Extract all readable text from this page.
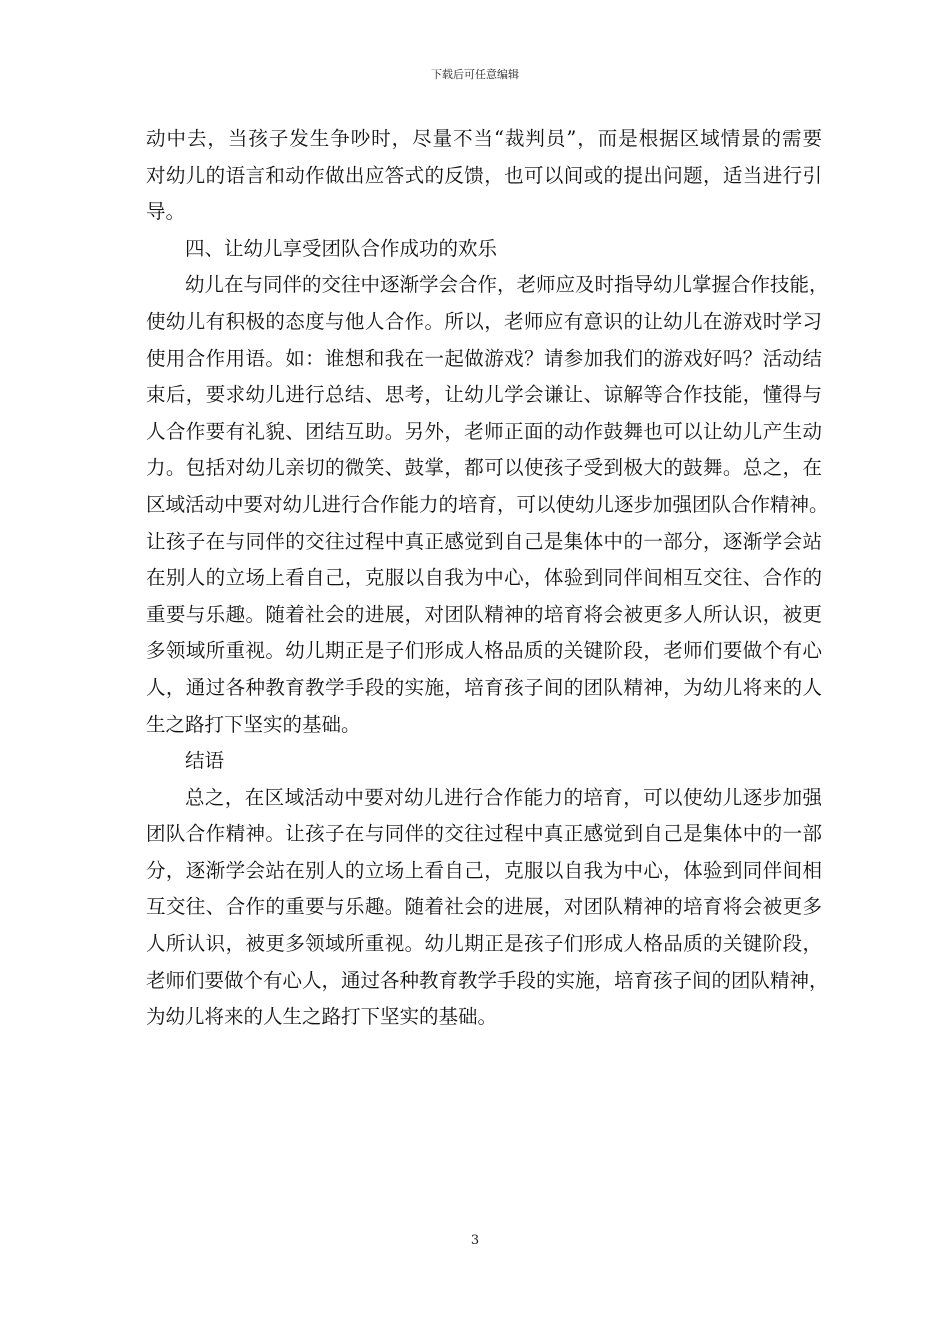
下载后可任意编辑
动中去，当孩子发生争吵时，尽量不当“裁判员”，而是根据区域情景的需要
对幼儿的语言和动作做出应答式的反馈，也可以间或的提出问题，适当进行引
导。
四、让幼儿享受团队合作成功的欢乐
幼儿在与同伴的交往中逐渐学会合作，老师应及时指导幼儿掌握合作技能，
使幼儿有积极的态度与他人合作。所以，老师应有意识的让幼儿在游戏时学习
使用合作用语。如：谁想和我在一起做游戏？请参加我们的游戏好吗？活动结
束后，要求幼儿进行总结、思考，让幼儿学会谦让、谅解等合作技能，懂得与
人合作要有礼貌、团结互助。另外，老师正面的动作鼓舞也可以让幼儿产生动
力。包括对幼儿亲切的微笑、鼓掌，都可以使孩子受到极大的鼓舞。总之，在
区域活动中要对幼儿进行合作能力的培育，可以使幼儿逐步加强团队合作精神。
让孩子在与同伴的交往过程中真正感觉到自己是集体中的一部分，逐渐学会站
在别人的立场上看自己，克服以自我为中心，体验到同伴间相互交往、合作的
重要与乐趣。随着社会的进展，对团队精神的培育将会被更多人所认识，被更
多领域所重视。幼儿期正是子们形成人格品质的关键阶段，老师们要做个有心
人，通过各种教育教学手段的实施，培育孩子间的团队精神，为幼儿将来的人
生之路打下坚实的基础。
结语
总之，在区域活动中要对幼儿进行合作能力的培育，可以使幼儿逐步加强
团队合作精神。让孩子在与同伴的交往过程中真正感觉到自己是集体中的一部
分，逐渐学会站在别人的立场上看自己，克服以自我为中心，体验到同伴间相
互交往、合作的重要与乐趣。随着社会的进展，对团队精神的培育将会被更多
人所认识，被更多领域所重视。幼儿期正是孩子们形成人格品质的关键阶段，
老师们要做个有心人，通过各种教育教学手段的实施，培育孩子间的团队精神，
为幼儿将来的人生之路打下坚实的基础。
3
